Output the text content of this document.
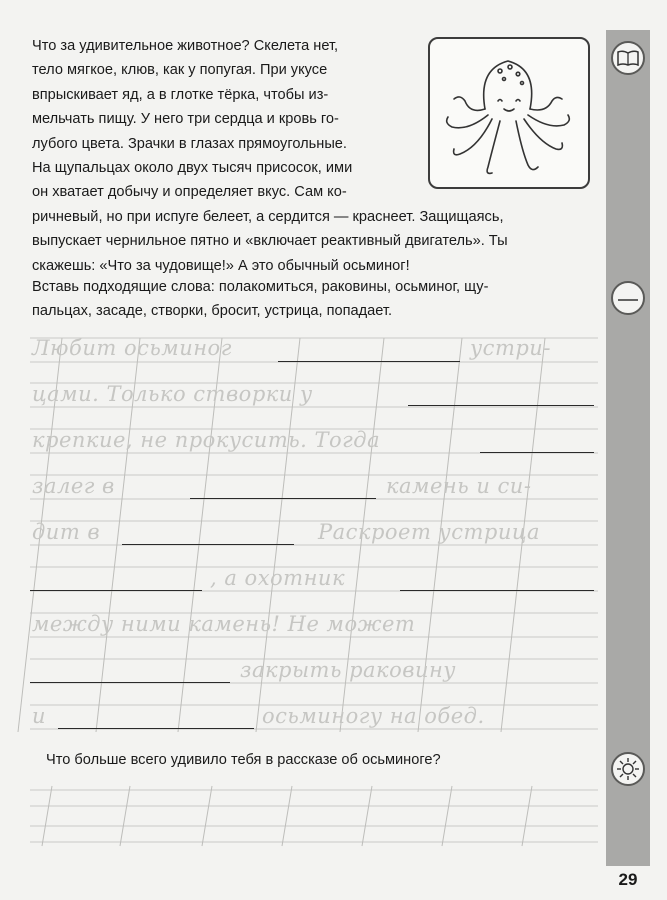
29
Что за удивительное животное? Скелета нет,
тело мягкое, клюв, как у попугая. При укусе
впрыскивает яд, а в глотке тёрка, чтобы из-
мельчать пищу. У него три сердца и кровь го-
лубого цвета. Зрачки в глазах прямоугольные.
На щупальцах около двух тысяч присосок, ими
он хватает добычу и определяет вкус. Сам ко-
ричневый, но при испуге белеет, а сердится — краснеет. Защищаясь,
выпускает чернильное пятно и «включает реактивный двигатель». Ты
скажешь: «Что за чудовище!» А это обычный осьминог!
Вставь подходящие слова: полакомиться, раковины, осьминог, щу-
пальцах, засаде, створки, бросит, устрица, попадает.
Любит осьминог	устри-
цами. Только створки у
крепкие, не прокусить. Тогда
залег в	камень и си-
дит в	Раскроет устрица
, а охотник
между ними камень! Не может
закрыть раковину
и	осьминогу на обед.
Что больше всего удивило тебя в рассказе об осьминоге?
